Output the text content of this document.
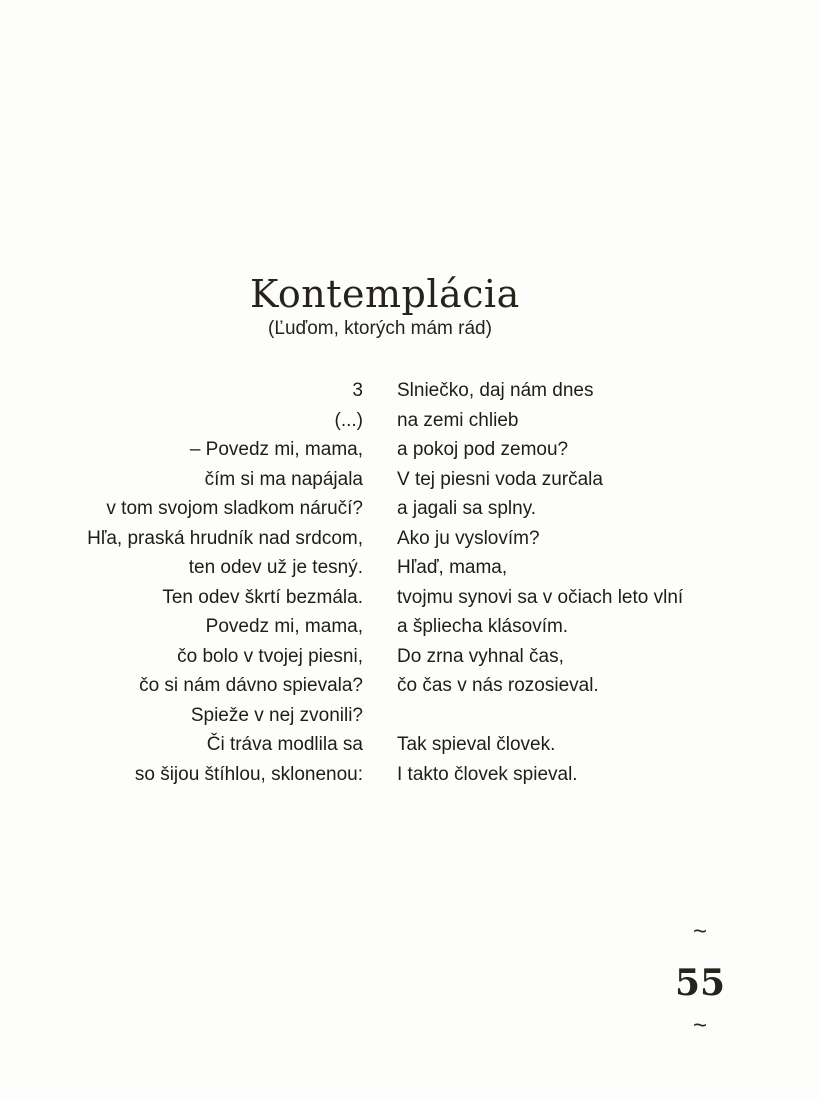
Kontemplácia
(Ľuďom, ktorých mám rád)
3
(...)
– Povedz mi, mama,
čím si ma napájala
v tom svojom sladkom náručí?
Hľa, praská hrudník nad srdcom,
ten odev už je tesný.
Ten odev škrtí bezmála.
Povedz mi, mama,
čo bolo v tvojej piesni,
čo si nám dávno spievala?
Spieže v nej zvonili?
Či tráva modlila sa
so šijou štíhlou, sklonenou:
Slniečko, daj nám dnes
na zemi chlieb
a pokoj pod zemou?
V tej piesni voda zurčala
a jagali sa splny.
Ako ju vyslovím?
Hľaď, mama,
tvojmu synovi sa v očiach leto vlní
a špliecha klásovím.
Do zrna vyhnal čas,
čo čas v nás rozosieval.
Tak spieval človek.
I takto človek spieval.
~
55
~
